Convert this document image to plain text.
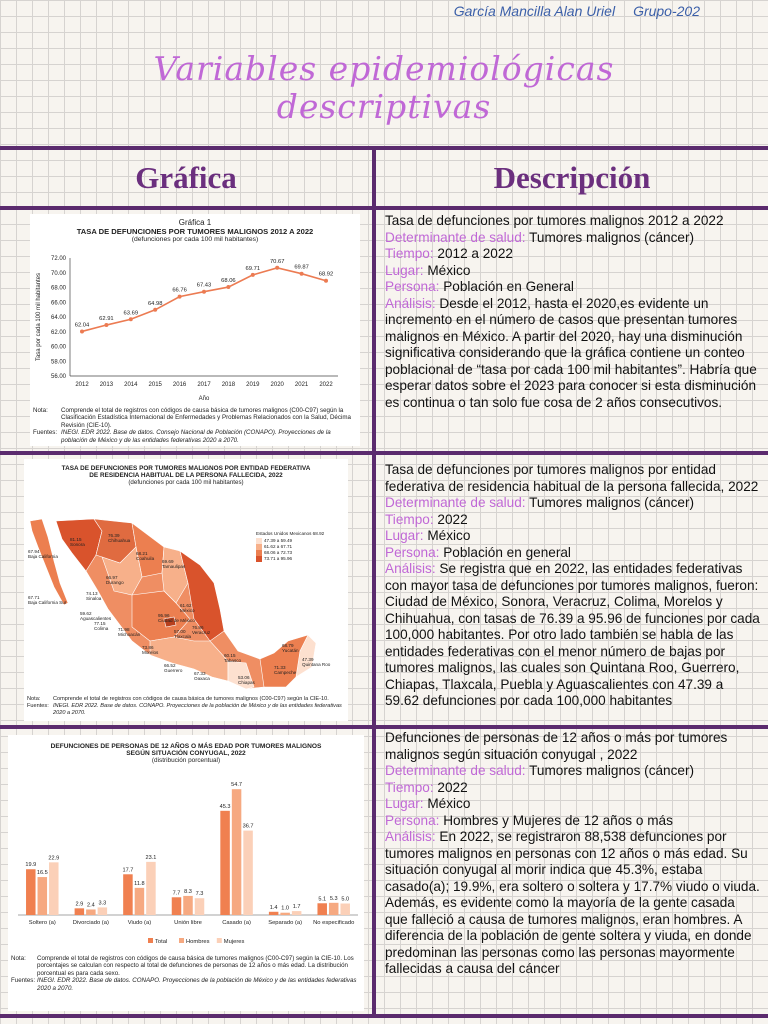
García Mancilla Alan Uriel Grupo-202
Variables epidemiológicas
descriptivas
Gráfica	Descripción
Gráfica 1
TASA DE DEFUNCIONES POR TUMORES MALIGNOS 2012 A 2022
(defunciones por cada 100 mil habitantes)
56.00
58.00
60.00
62.00
64.00
66.00
68.00
70.00
72.00
2012 2013 2014 2015 2016 2017 2018 2019 2020 2021 2022
62.04
62.91
63.69
64.98
66.76
67.43
68.06
69.71
70.67
69.87
68.92
Tasa por cada 100 mil habitantes
Año
Nota:	Comprende el total de registros con códigos de causa básica de tumores malignos (C00-C97) según la Clasificación Estadística Internacional de Enfermedades y Problemas Relacionados con la Salud, Décima Revisión (CIE-10).
Fuentes: INEGI. EDR 2022. Base de datos. Consejo Nacional de Población (CONAPO). Proyecciones de la población de México y de las entidades federativas 2020 a 2070.
TASA DE DEFUNCIONES POR TUMORES MALIGNOS POR ENTIDAD FEDERATIVA
DE RESIDENCIA HABITUAL DE LA PERSONA FALLECIDA, 2022
(defunciones por cada 100 mil habitantes)
67.94
Baja California
81.15
Sonora
76.39
Chihuahua
68.21
Coahuila
67.71
Baja California Sur
66.97
Durango
74.13
Sinaloa
69.69
Tamaulipas
59.62
Aguascalientes
77.15
Colima 71.98
Michoacán
73.86
Morelos
76.86
Veracruz
68.79
Yucatán
71.33
Campeche
47.39
Quintana Roo
60.15
Tabasco
53.06
Chiapas
66.52
Guerrero
67.33
Oaxaca
95.96
Ciudad de México
57.00
Tlaxcala
61.62
México
Estados Unidos Mexicanos 68.92
47.39 a 59.49
61.62 a 67.71
68.06 a 72.73
73.71 a 95.96
Nota:	Comprende el total de registros con códigos de causa básica de tumores malignos (C00-C97) según la CIE-10.
Fuentes: INEGI. EDR 2022. Base de datos. CONAPO. Proyecciones de la población de México y de las entidades federativas 2020 a 2070.
DEFUNCIONES DE PERSONAS DE 12 AÑOS O MÁS EDAD POR TUMORES MALIGNOS
SEGÚN SITUACIÓN CONYUGAL, 2022
(distribución porcentual)
19.9
16.5
22.9
Soltero (a)
2.9 2.4 3.3
Divorciado (a)
17.7
11.8
23.1
Viudo (a)
7.7 8.3 7.3
Unión libre
45.3
54.7
36.7
Casado (a)
1.4 1.0 1.7
Separado (a)
5.1 5.3 5.0
No especificado
Total	Hombres Mujeres
Nota:	Comprende el total de registros con códigos de causa básica de tumores malignos (C00-C97) según la CIE-10. Los porcentajes se calculan con respecto al total de defunciones de personas de 12 años o más edad. La distribución porcentual es para cada sexo.
Fuentes: INEGI. EDR 2022. Base de datos. CONAPO. Proyecciones de la población de México y de las entidades federativas 2020 a 2070.
Tasa de defunciones por tumores malignos 2012 a 2022
Determinante de salud: Tumores malignos (cáncer)
Tiempo: 2012 a 2022
Lugar: México
Persona: Población en General
Análisis: Desde el 2012, hasta el 2020,es evidente un incremento en el número de casos que presentan tumores malignos en México. A partir del 2020, hay una disminución significativa considerando que la gráfica contiene un conteo poblacional de “tasa por cada 100 mil habitantes”. Habría que esperar datos sobre el 2023 para conocer si esta disminución es continua o tan solo fue cosa de 2 años consecutivos.
Tasa de defunciones por tumores malignos por entidad federativa de residencia habitual de la persona fallecida, 2022
Determinante de salud: Tumores malignos (cáncer)
Tiempo: 2022
Lugar: México
Persona: Población en general
Análisis: Se registra que en 2022, las entidades federativas con mayor tasa de defunciones por tumores malignos, fueron: Ciudad de México, Sonora, Veracruz, Colima, Morelos y Chihuahua, con tasas de 76.39 a 95.96 de funciones por cada 100,000 habitantes. Por otro lado también se habla de las entidades federativas con el menor número de bajas por tumores malignos, las cuales son Quintana Roo, Guerrero, Chiapas, Tlaxcala, Puebla y Aguascalientes con 47.39 a 59.62 defunciones por cada 100,000 habitantes
Defunciones de personas de 12 años o más por tumores malignos según situación conyugal , 2022
Determinante de salud: Tumores malignos (cáncer)
Tiempo: 2022
Lugar: México
Persona: Hombres y Mujeres de 12 años o más
Análisis: En 2022, se registraron 88,538 defunciones por tumores malignos en personas con 12 años o más edad. Su situación conyugal al morir indica que 45.3%, estaba casado(a); 19.9%, era soltero o soltera y 17.7% viudo o viuda.
Además, es evidente como la mayoría de la gente casada que falleció a causa de tumores malignos, eran hombres. A diferencia de la población de gente soltera y viuda, en donde predominan las personas como las personas mayormente fallecidas a causa del cáncer
